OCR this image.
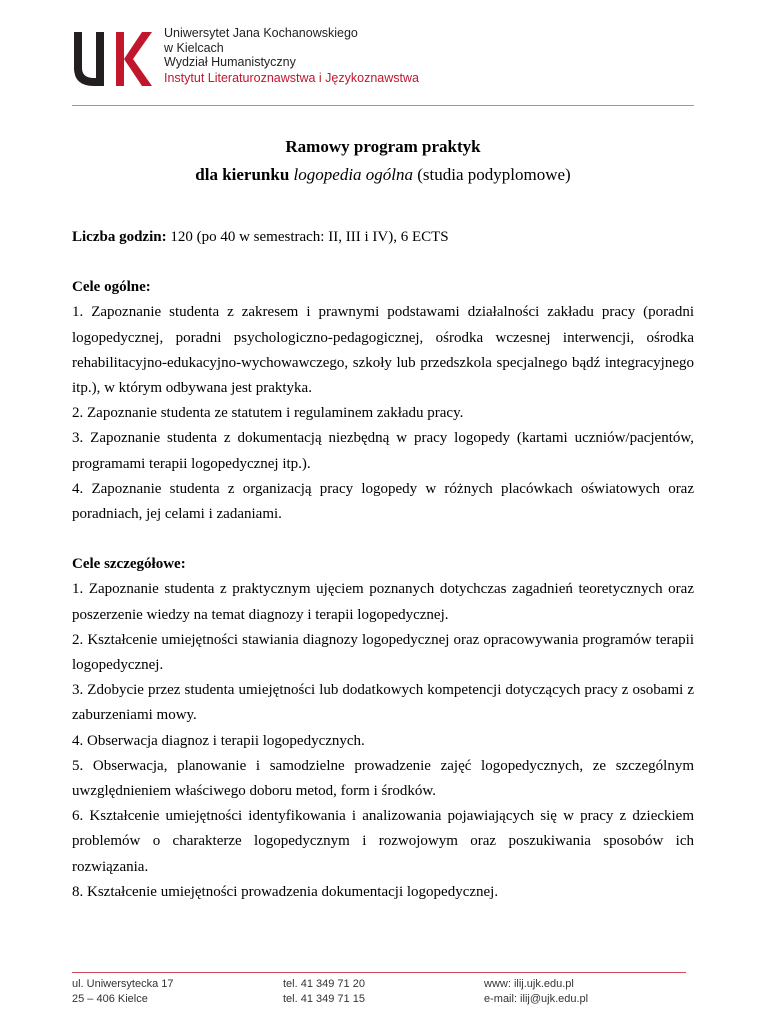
Uniwersytet Jana Kochanowskiego
w Kielcach
Wydział Humanistyczny
Instytut Literaturoznawstwa i Językoznawstwa
Ramowy program praktyk
dla kierunku logopedia ogólna (studia podyplomowe)

Liczba godzin: 120 (po 40 w semestrach: II, III i IV), 6 ECTS

Cele ogólne:

1. Zapoznanie studenta z zakresem i prawnymi podstawami działalności zakładu pracy (poradni logopedycznej, poradni psychologiczno-pedagogicznej, ośrodka wczesnej interwencji, ośrodka rehabilitacyjno-edukacyjno-wychowawczego, szkoły lub przedszkola specjalnego bądź integracyjnego itp.), w którym odbywana jest praktyka.

2. Zapoznanie studenta ze statutem i regulaminem zakładu pracy.

3. Zapoznanie studenta z dokumentacją niezbędną w pracy logopedy (kartami uczniów/pacjentów, programami terapii logopedycznej itp.).

4. Zapoznanie studenta z organizacją pracy logopedy w różnych placówkach oświatowych oraz poradniach, jej celami i zadaniami.

Cele szczegółowe:

1. Zapoznanie studenta z praktycznym ujęciem poznanych dotychczas zagadnień teoretycznych oraz poszerzenie wiedzy na temat diagnozy i terapii logopedycznej.

2. Kształcenie umiejętności stawiania diagnozy logopedycznej oraz opracowywania programów terapii logopedycznej.

3. Zdobycie przez studenta umiejętności lub dodatkowych kompetencji dotyczących pracy z osobami z zaburzeniami mowy.

4. Obserwacja diagnoz i terapii logopedycznych.

5. Obserwacja, planowanie i samodzielne prowadzenie zajęć logopedycznych, ze szczególnym uwzględnieniem właściwego doboru metod, form i środków.

6. Kształcenie umiejętności identyfikowania i analizowania pojawiających się w pracy z dzieckiem problemów o charakterze logopedycznym i rozwojowym oraz poszukiwania sposobów ich rozwiązania.

8. Kształcenie umiejętności prowadzenia dokumentacji logopedycznej.

ul. Uniwersytecka 17
25 – 406 Kielce
tel. 41 349 71 20
tel. 41 349 71 15
www: ilij.ujk.edu.pl
e-mail: ilij@ujk.edu.pl
